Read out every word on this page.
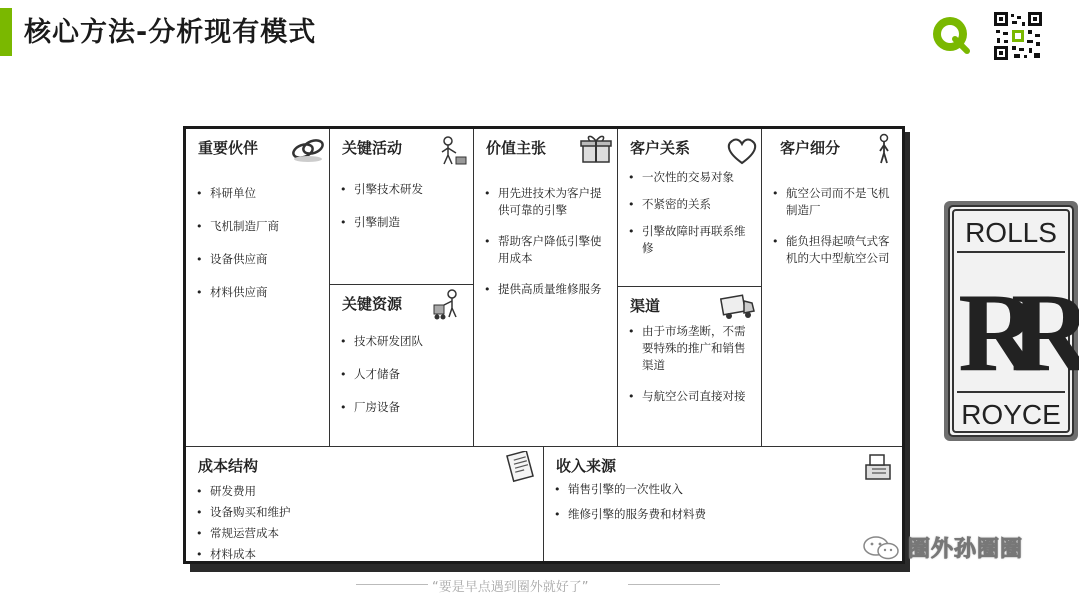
核心方法-分析现有模式
重要伙伴
• 科研单位
• 飞机制造厂商
• 设备供应商
• 材料供应商
关键活动
• 引擎技术研发
• 引擎制造
关键资源
• 技术研发团队
• 人才储备
• 厂房设备
价值主张
• 用先进技术为客户提供可靠的引擎
• 帮助客户降低引擎使用成本
• 提供高质量维修服务
客户关系
• 一次性的交易对象
• 不紧密的关系
• 引擎故障时再联系维修
渠道
• 由于市场垄断，不需要特殊的推广和销售渠道
• 与航空公司直接对接
客户细分
• 航空公司而不是飞机制造厂
• 能负担得起喷气式客机的大中型航空公司
成本结构
• 研发费用
• 设备购买和维护
• 常规运营成本
• 材料成本
收入来源
• 销售引擎的一次性收入
• 维修引擎的服务费和材料费
ROLLS
RR
ROYCE
圈外孙圈圈
“要是早点遇到圈外就好了”
